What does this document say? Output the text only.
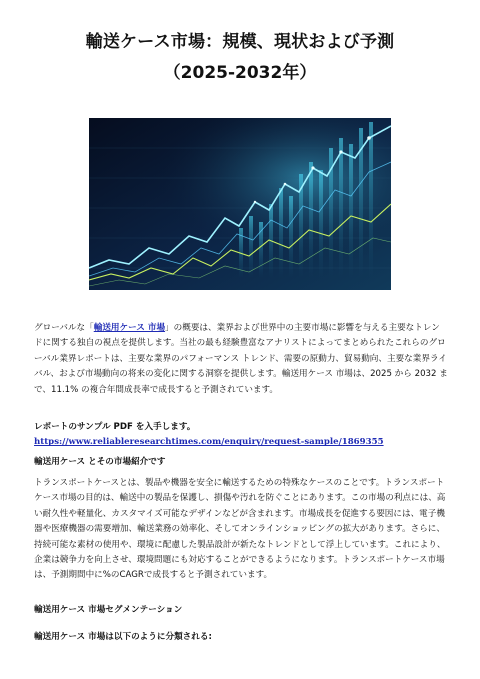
輸送ケース市場：規模、現状および予測
（2025-2032年）
グローバルな「輸送用ケース 市場」の概要は、業界および世界中の主要市場に影響を与える主要なトレンドに関する独自の視点を提供します。当社の最も経験豊富なアナリストによってまとめられたこれらのグローバル業界レポートは、主要な業界のパフォーマンス トレンド、需要の原動力、貿易動向、主要な業界ライバル、および市場動向の将来の変化に関する洞察を提供します。輸送用ケース 市場は、2025 から 2032 まで、11.1% の複合年間成長率で成長すると予測されています。
レポートのサンプル PDF を入手します。https://www.reliableresearchtimes.com/enquiry/request-sample/1869355
輸送用ケース とその市場紹介です
トランスポートケースとは、製品や機器を安全に輸送するための特殊なケースのことです。トランスポートケース市場の目的は、輸送中の製品を保護し、損傷や汚れを防ぐことにあります。この市場の利点には、高い耐久性や軽量化、カスタマイズ可能なデザインなどが含まれます。市場成長を促進する要因には、電子機器や医療機器の需要増加、輸送業務の効率化、そしてオンラインショッピングの拡大があります。さらに、持続可能な素材の使用や、環境に配慮した製品設計が新たなトレンドとして浮上しています。これにより、企業は競争力を向上させ、環境問題にも対応することができるようになります。トランスポートケース市場は、予測期間中に%のCAGRで成長すると予測されています。
輸送用ケース 市場セグメンテーション
輸送用ケース 市場は以下のように分類される:
